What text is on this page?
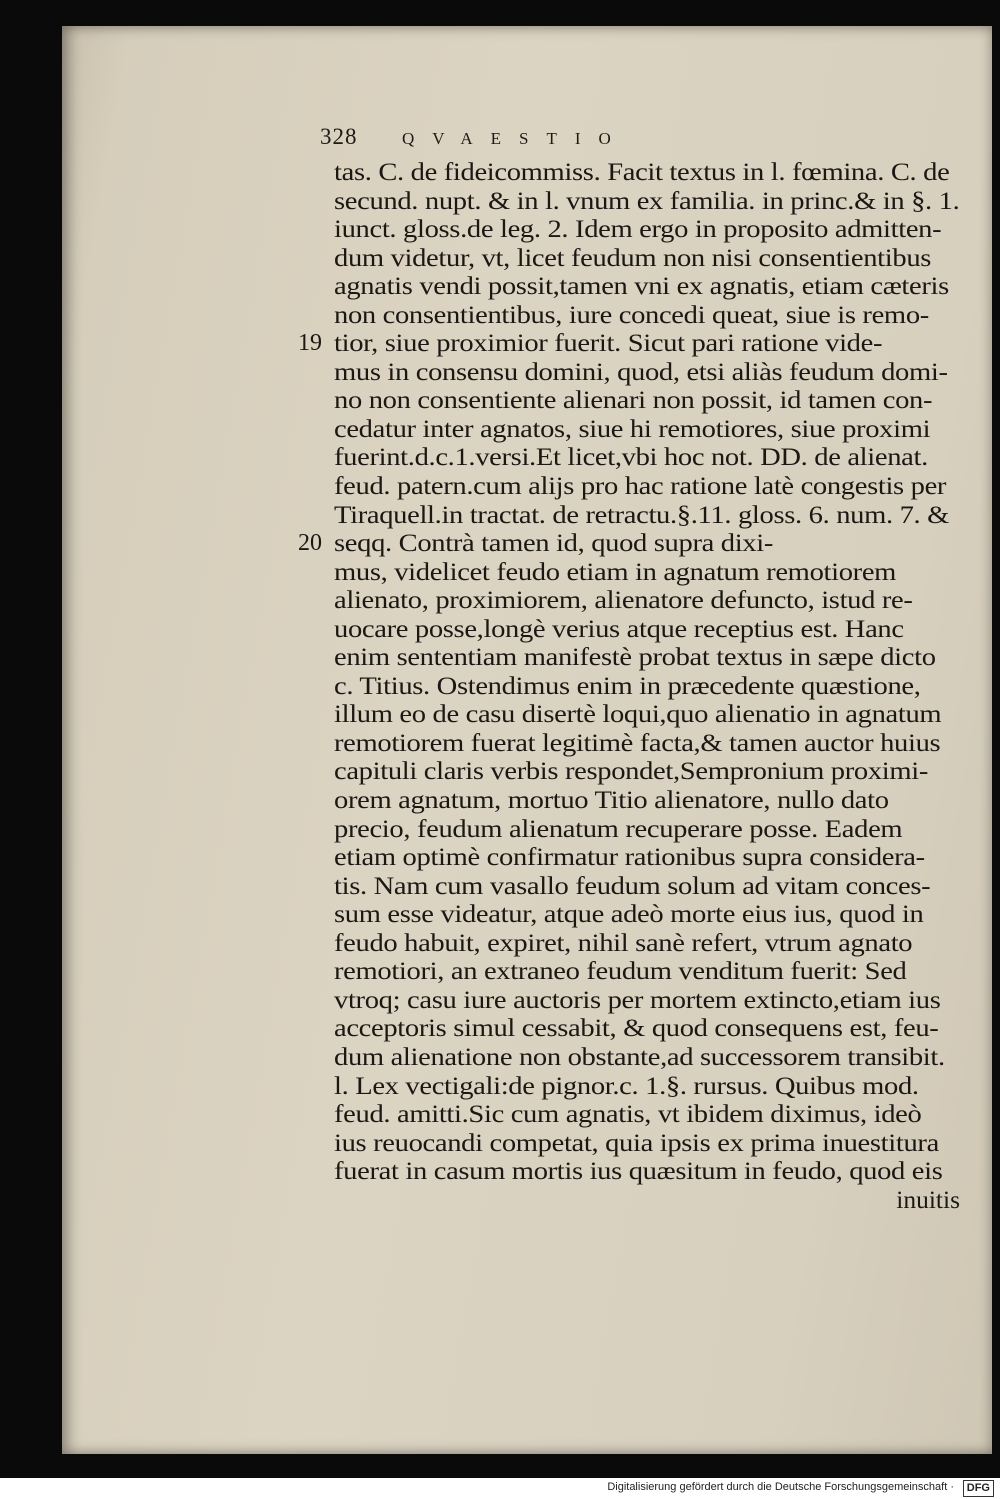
328	QVAESTIO
tas. C. de fideicommiss. Facit textus in l. fœmina. C. de
secund. nupt. & in l. vnum ex familia. in princ.& in §. 1.
iunct. gloss.de leg. 2. Idem ergo in proposito admitten-
dum videtur, vt, licet feudum non nisi consentientibus
agnatis vendi possit,tamen vni ex agnatis, etiam cæteris
non consentientibus, iure concedi queat, siue is remo-
19 tior, siue proximior fuerit. Sicut pari ratione vide-
mus in consensu domini, quod, etsi aliàs feudum domi-
no non consentiente alienari non possit, id tamen con-
cedatur inter agnatos, siue hi remotiores, siue proximi
fuerint.d.c.1.versi.Et licet,vbi hoc not. DD. de alienat.
feud. patern.cum alijs pro hac ratione latè congestis per
Tiraquell.in tractat. de retractu.§.11. gloss. 6. num. 7. &
20 seqq. Contrà tamen id, quod supra dixi-
mus, videlicet feudo etiam in agnatum remotiorem
alienato, proximiorem, alienatore defuncto, istud re-
uocare posse,longè verius atque receptius est. Hanc
enim sententiam manifestè probat textus in sæpe dicto
c. Titius. Ostendimus enim in præcedente quæstione,
illum eo de casu disertè loqui,quo alienatio in agnatum
remotiorem fuerat legitimè facta,& tamen auctor huius
capituli claris verbis respondet,Sempronium proximi-
orem agnatum, mortuo Titio alienatore, nullo dato
precio, feudum alienatum recuperare posse. Eadem
etiam optimè confirmatur rationibus supra considera-
tis. Nam cum vasallo feudum solum ad vitam conces-
sum esse videatur, atque adeò morte eius ius, quod in
feudo habuit, expiret, nihil sanè refert, vtrum agnato
remotiori, an extraneo feudum venditum fuerit: Sed
vtroq; casu iure auctoris per mortem extincto,etiam ius
acceptoris simul cessabit, & quod consequens est, feu-
dum alienatione non obstante,ad successorem transibit.
l. Lex vectigali:de pignor.c. 1.§. rursus. Quibus mod.
feud. amitti.Sic cum agnatis, vt ibidem diximus, ideò
ius reuocandi competat, quia ipsis ex prima inuestitura
fuerat in casum mortis ius quæsitum in feudo, quod eis
inuitis
Digitalisierung gefördert durch die Deutsche Forschungsgemeinschaft ·	DFG
